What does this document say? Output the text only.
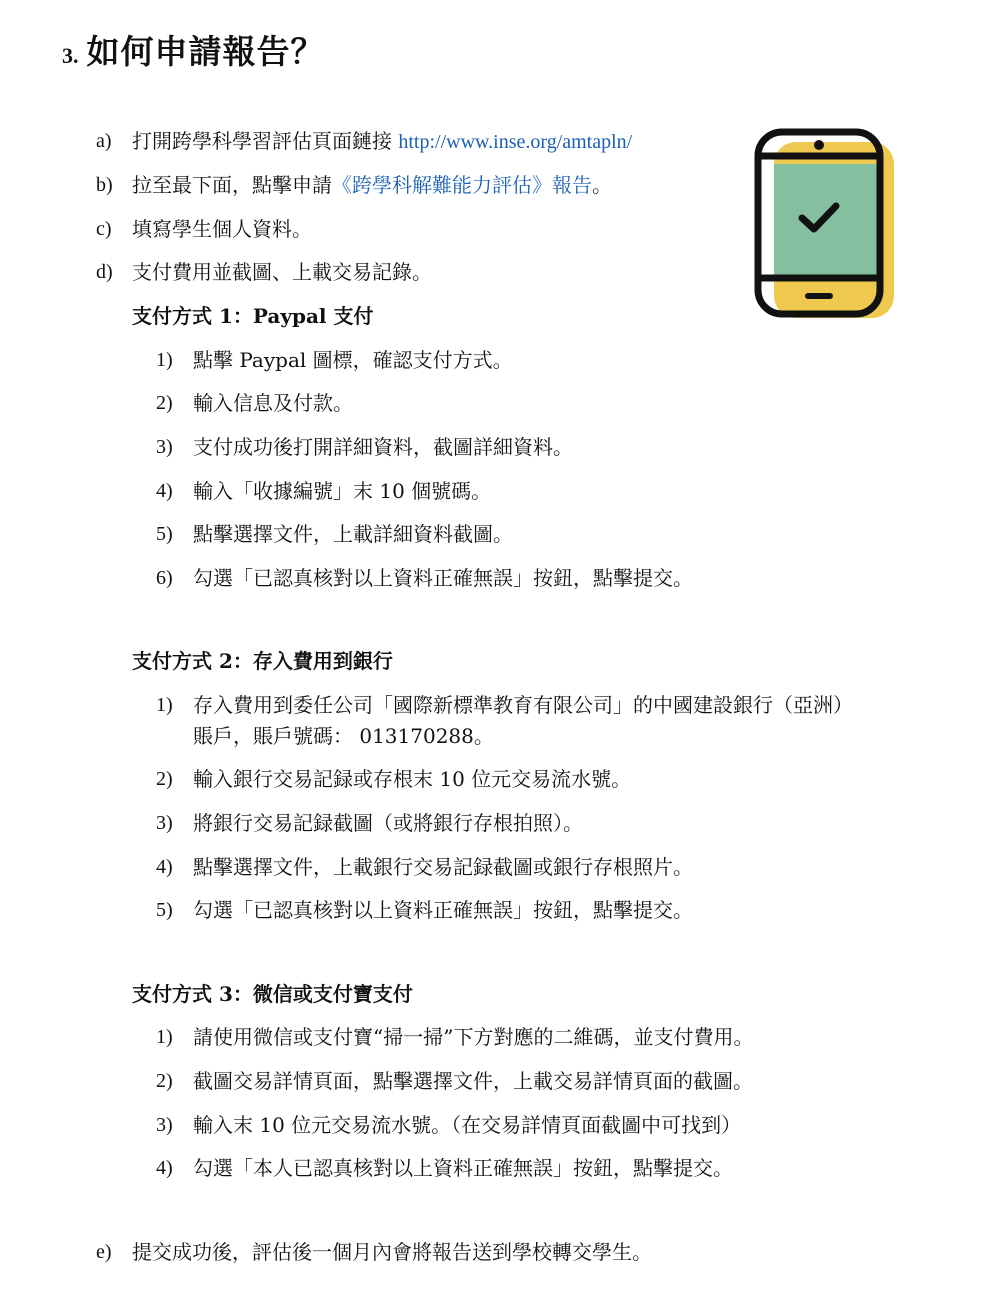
3. 如何申請報告？
a) 打開跨學科學習評估頁面鏈接 http://www.inse.org/amtapln/
b) 拉至最下面，點擊申請《跨學科解難能力評估》報告。
c) 填寫學生個人資料。
d) 支付費用並截圖、上載交易記錄。
支付方式 1：Paypal 支付
1) 點擊 Paypal 圖標，確認支付方式。
2) 輸入信息及付款。
3) 支付成功後打開詳細資料，截圖詳細資料。
4) 輸入「收據編號」末 10 個號碼。
5) 點擊選擇文件，上載詳細資料截圖。
6) 勾選「已認真核對以上資料正確無誤」按鈕，點擊提交。
支付方式 2：存入費用到銀行
1) 存入費用到委任公司「國際新標準教育有限公司」的中國建設銀行（亞洲）
賬戶，賬戶號碼： 013170288。
2) 輸入銀行交易記録或存根末 10 位元交易流水號。
3) 將銀行交易記録截圖（或將銀行存根拍照）。
4) 點擊選擇文件，上載銀行交易記録截圖或銀行存根照片。
5) 勾選「已認真核對以上資料正確無誤」按鈕，點擊提交。
支付方式 3：微信或支付寶支付
1) 請使用微信或支付寶“掃一掃”下方對應的二維碼，並支付費用。
2) 截圖交易詳情頁面，點擊選擇文件，上載交易詳情頁面的截圖。
3) 輸入末 10 位元交易流水號。（在交易詳情頁面截圖中可找到）
4) 勾選「本人已認真核對以上資料正確無誤」按鈕，點擊提交。
e) 提交成功後，評估後一個月內會將報告送到學校轉交學生。
